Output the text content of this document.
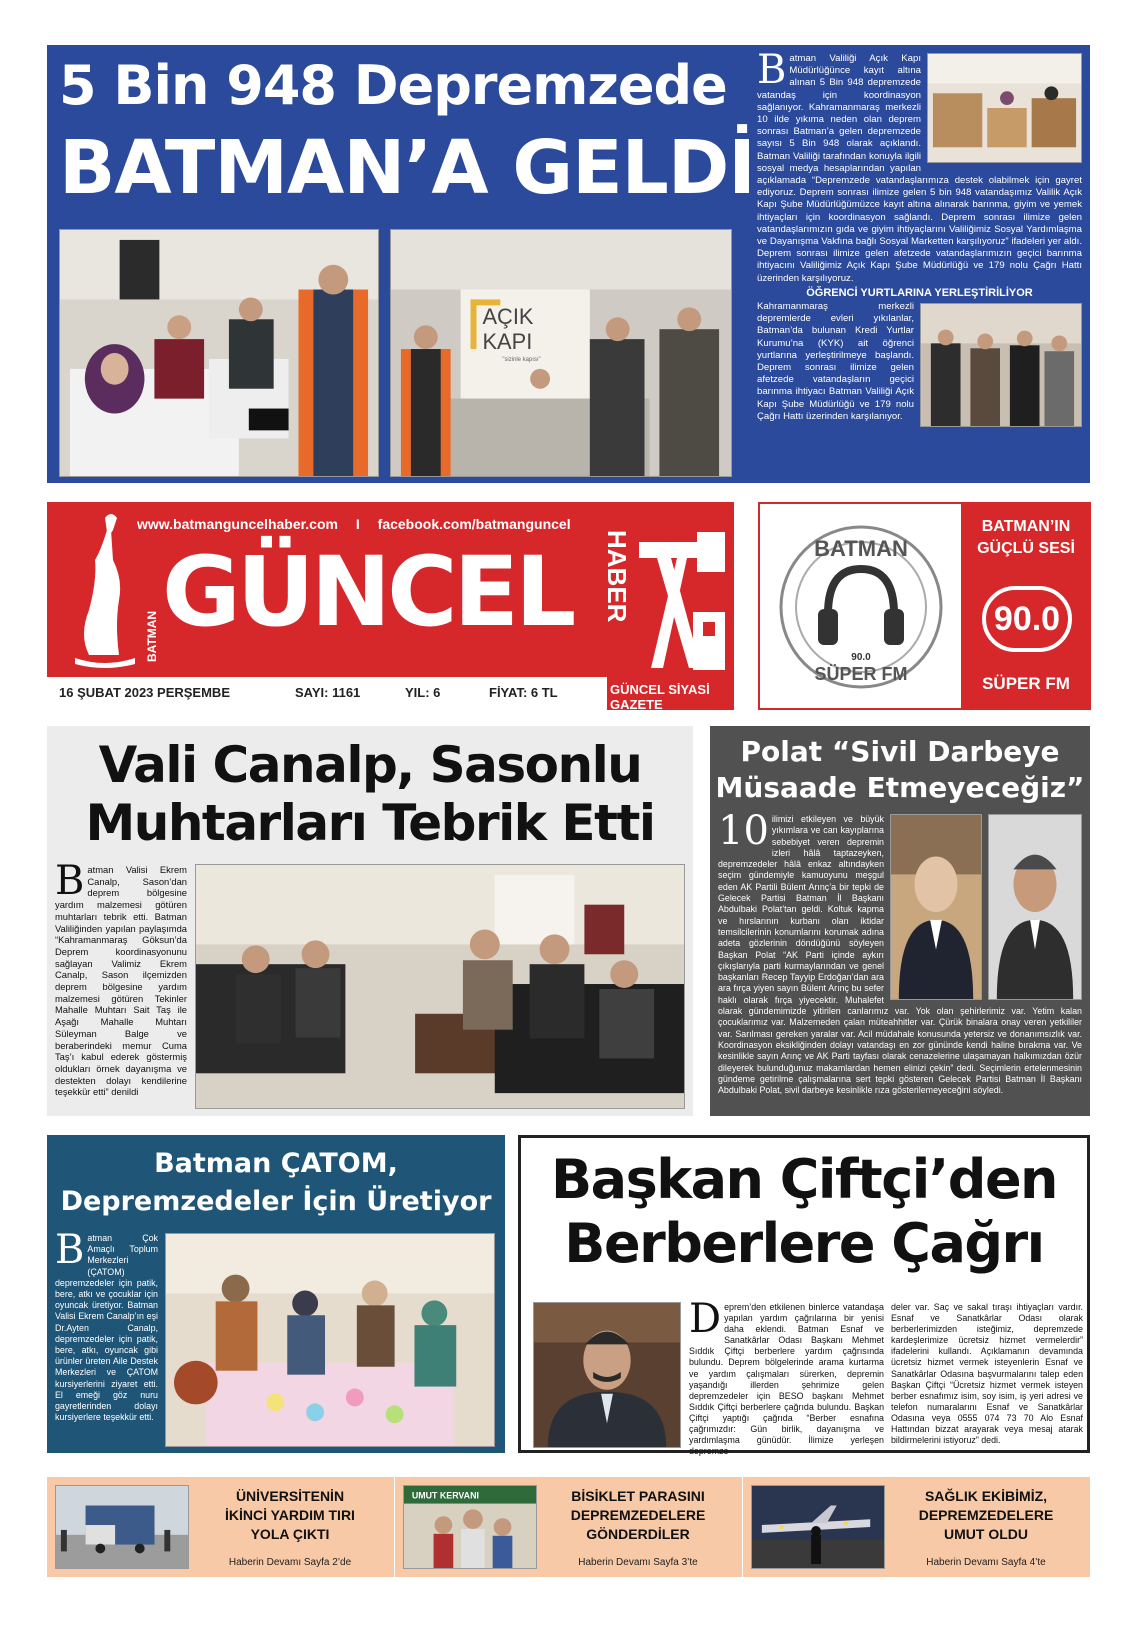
5 Bin 948 Depremzede
BATMAN’A GELDİ
AÇIK
KAPI
"sizinle kapısı"
Batman Valiliği Açık Kapı Müdürlüğünce kayıt altına alınan 5 Bin 948 depremzede vatandaş için koordinasyon sağlanıyor. Kahramanmaraş merkezli 10 ilde yıkıma neden olan deprem sonrası Batman’a gelen depremzede sayısı 5 Bin 948 olarak açıklandı. Batman Valiliği tarafından konuyla ilgili sosyal medya hesaplarından yapılan açıklamada “Depremzede vatandaşlarımıza destek olabilmek için gayret ediyoruz. Deprem sonrası ilimize gelen 5 bin 948 vatandaşımız Valilik Açık Kapı Şube Müdürlüğümüzce kayıt altına alınarak barınma, giyim ve yemek ihtiyaçları için koordinasyon sağlandı. Deprem sonrası ilimize gelen vatandaşlarımızın gıda ve giyim ihtiyaçlarını Valiliğimiz Sosyal Yardımlaşma ve Dayanışma Vakfına bağlı Sosyal Marketten karşılıyoruz” ifadeleri yer aldı. Deprem sonrası ilimize gelen afetzede vatandaşlarımızın geçici barınma ihtiyacını Valiliğimiz Açık Kapı Şube Müdürlüğü ve 179 nolu Çağrı Hattı üzerinden karşılıyoruz.
ÖĞRENCİ YURTLARINA YERLEŞTİRİLİYOR
Kahramanmaraş merkezli depremlerde evleri yıkılanlar, Batman’da bulunan Kredi Yurtlar Kurumu’na (KYK) ait öğrenci yurtlarına yerleştirilmeye başlandı. Deprem sonrası ilimize gelen afetzede vatandaşların geçici barınma ihtiyacı Batman Valiliği Açık Kapı Şube Müdürlüğü ve 179 nolu Çağrı Hattı üzerinden karşılanıyor.
www.batmanguncelhaber.com I facebook.com/batmanguncel
BATMAN GÜNCEL HABER
16 ŞUBAT 2023 PERŞEMBE	SAYI: 1161	YIL: 6	FİYAT: 6 TL	GÜNCEL SİYASİ GAZETE
BATMAN
90.0
SÜPER FM
BATMAN’IN
GÜÇLÜ SESİ
90.0
SÜPER FM
Vali Canalp, Sasonlu
Muhtarları Tebrik Etti
Batman Valisi Ekrem Canalp, Sason’dan deprem bölgesine yardım malzemesi götüren muhtarları tebrik etti. Batman Valiliğinden yapılan paylaşımda “Kahramanmaraş Göksun’da Deprem koordinasyonunu sağlayan Valimiz Ekrem Canalp, Sason ilçemizden deprem bölgesine yardım malzemesi götüren Tekinler Mahalle Muhtarı Sait Taş ile Aşağı Mahalle Muhtarı Süleyman Balge ve beraberindeki memur Cuma Taş’ı kabul ederek göstermiş oldukları örnek dayanışma ve destekten dolayı kendilerine teşekkür etti” denildi
Polat “Sivil Darbeye
Müsaade Etmeyeceğiz”
10 ilimizi etkileyen ve büyük yıkımlara ve can kayıplarına sebebiyet veren depremin izleri hâlâ taptazeyken, depremzedeler hâlâ enkaz altındayken seçim gündemiyle kamuoyunu meşgul eden AK Partili Bülent Arınç’a bir tepki de Gelecek Partisi Batman İl Başkanı Abdulbaki Polat’tan geldi. Koltuk kapma ve hırslarının kurbanı olan iktidar temsilcilerinin konumlarını korumak adına adeta gözlerinin döndüğünü söyleyen Başkan Polat “AK Parti içinde aykırı çıkışlarıyla parti kurmaylarından ve genel başkanları Recep Tayyip Erdoğan’dan ara ara fırça yiyen sayın Bülent Arınç bu sefer haklı olarak fırça yiyecektir. Muhalefet olarak gündemimizde yitirilen canlarımız var. Yok olan şehirlerimiz var. Yetim kalan çocuklarımız var. Malzemeden çalan müteahhitler var. Çürük binalara onay veren yetkililer var. Sarılması gereken yaralar var. Acil müdahale konusunda yetersiz ve donanımsızlık var. Koordinasyon eksikliğinden dolayı vatandaşı en zor gününde kendi haline bırakma var. Ve kesinlikle sayın Arınç ve AK Parti tayfası olarak cenazelerine ulaşamayan halkımızdan özür dileyerek bulunduğunuz makamlardan hemen elinizi çekin” dedi. Seçimlerin ertelenmesinin gündeme getirilme çalışmalarına sert tepki gösteren Gelecek Partisi Batman İl Başkanı Abdulbaki Polat, sivil darbeye kesinlikle rıza gösterilemeyeceğini söyledi.
Batman ÇATOM,
Depremzedeler İçin Üretiyor
Batman Çok Amaçlı Toplum Merkezleri (ÇATOM) depremzedeler için patik, bere, atkı ve çocuklar için oyuncak üretiyor. Batman Valisi Ekrem Canalp’ın eşi Dr.Ayten Canalp, depremzedeler için patik, bere, atkı, oyuncak gibi ürünler üreten Aile Destek Merkezleri ve ÇATOM kursiyerlerini ziyaret etti. El emeği göz nuru gayretlerinden dolayı kursiyerlere teşekkür etti.
Başkan Çiftçi’den
Berberlere Çağrı
Deprem’den etkilenen binlerce vatandaşa yapılan yardım çağrılarına bir yenisi daha eklendi. Batman Esnaf ve Sanatkârlar Odası Başkanı Mehmet Sıddık Çiftçi berberlere yardım çağrısında bulundu. Deprem bölgelerinde arama kurtarma ve yardım çalışmaları sürerken, depremin yaşandığı illerden şehrimize gelen depremzedeler için BESO başkanı Mehmet Sıddık Çiftçi berberlere çağrıda bulundu. Başkan Çiftçi yaptığı çağrıda “Berber esnafına çağrımızdır: Gün birlik, dayanışma ve yardımlaşma günüdür. İlimize yerleşen depremze-
deler var. Saç ve sakal tıraşı ihtiyaçları vardır. Esnaf ve Sanatkârlar Odası olarak berberlerimizden isteğimiz, depremzede kardeşlerimize ücretsiz hizmet vermelerdir” ifadelerini kullandı. Açıklamanın devamında ücretsiz hizmet vermek isteyenlerin Esnaf ve Sanatkârlar Odasına başvurmalarını talep eden Başkan Çiftçi “Ücretsiz hizmet vermek isteyen berber esnafımız isim, soy isim, iş yeri adresi ve telefon numaralarını Esnaf ve Sanatkârlar Odasına veya 0555 074 73 70 Alo Esnaf Hattından bizzat arayarak veya mesaj atarak bildirmelerini istiyoruz” dedi.
ÜNİVERSİTENİN
İKİNCİ YARDIM TIRI
YOLA ÇIKTI
Haberin Devamı Sayfa 2’de
UMUT KERVANI	BİSİKLET PARASINI
DEPREMZEDELERE
GÖNDERDİLER
Haberin Devamı Sayfa 3’te
SAĞLIK EKİBİMİZ,
DEPREMZEDELERE
UMUT OLDU
Haberin Devamı Sayfa 4’te
